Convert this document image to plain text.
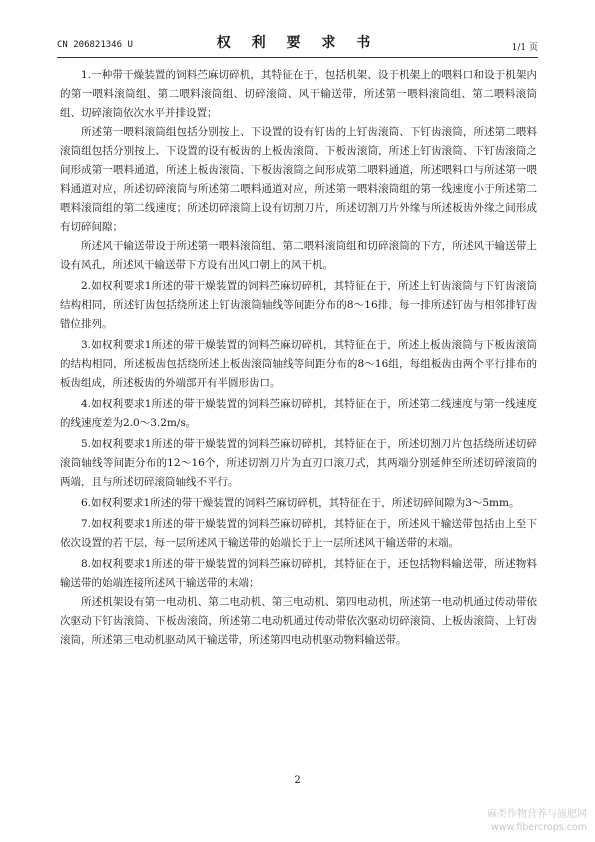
CN 206821346 U	权 利 要 求 书	1/1 页

1.一种带干燥装置的饲料苎麻切碎机，其特征在于，包括机架、设于机架上的喂料口和设于机架内的第一喂料滚筒组、第二喂料滚筒组、切碎滚筒、风干输送带，所述第一喂料滚筒组、第二喂料滚筒组、切碎滚筒依次水平并排设置；

所述第一喂料滚筒组包括分别按上、下设置的设有钉齿的上钉齿滚筒、下钉齿滚筒，所述第二喂料滚筒组包括分别按上、下设置的设有板齿的上板齿滚筒、下板齿滚筒，所述上钉齿滚筒、下钉齿滚筒之间形成第一喂料通道，所述上板齿滚筒、下板齿滚筒之间形成第二喂料通道，所述喂料口与所述第一喂料通道对应，所述切碎滚筒与所述第二喂料通道对应，所述第一喂料滚筒组的第一线速度小于所述第二喂料滚筒组的第二线速度；所述切碎滚筒上设有切割刀片，所述切割刀片外缘与所述板齿外缘之间形成有切碎间隙；

所述风干输送带设于所述第一喂料滚筒组、第二喂料滚筒组和切碎滚筒的下方，所述风干输送带上设有风孔，所述风干输送带下方设有出风口朝上的风干机。

2.如权利要求1所述的带干燥装置的饲料苎麻切碎机，其特征在于，所述上钉齿滚筒与下钉齿滚筒结构相同，所述钉齿包括绕所述上钉齿滚筒轴线等间距分布的8～16排，每一排所述钉齿与相邻排钉齿错位排列。

3.如权利要求1所述的带干燥装置的饲料苎麻切碎机，其特征在于，所述上板齿滚筒与下板齿滚筒的结构相同，所述板齿包括绕所述上板齿滚筒轴线等间距分布的8～16组，每组板齿由两个平行排布的板齿组成，所述板齿的外端部开有半圆形齿口。

4.如权利要求1所述的带干燥装置的饲料苎麻切碎机，其特征在于，所述第二线速度与第一线速度的线速度差为2.0～3.2m/s。

5.如权利要求1所述的带干燥装置的饲料苎麻切碎机，其特征在于，所述切割刀片包括绕所述切碎滚筒轴线等间距分布的12～16个，所述切割刀片为直刃口滚刀式，其两端分别延伸至所述切碎滚筒的两端，且与所述切碎滚筒轴线不平行。

6.如权利要求1所述的带干燥装置的饲料苎麻切碎机，其特征在于，所述切碎间隙为3～5mm。

7.如权利要求1所述的带干燥装置的饲料苎麻切碎机，其特征在于，所述风干输送带包括由上至下依次设置的若干层，每一层所述风干输送带的始端长于上一层所述风干输送带的末端。

8.如权利要求1所述的带干燥装置的饲料苎麻切碎机，其特征在于，还包括物料输送带，所述物料输送带的始端连接所述风干输送带的末端；

所述机架设有第一电动机、第二电动机、第三电动机、第四电动机，所述第一电动机通过传动带依次驱动下钉齿滚筒、下板齿滚筒，所述第二电动机通过传动带依次驱动切碎滚筒、上板齿滚筒、上钉齿滚筒，所述第三电动机驱动风干输送带，所述第四电动机驱动物料输送带。

2
麻类作物营养与施肥网
www.fibercrops.com
